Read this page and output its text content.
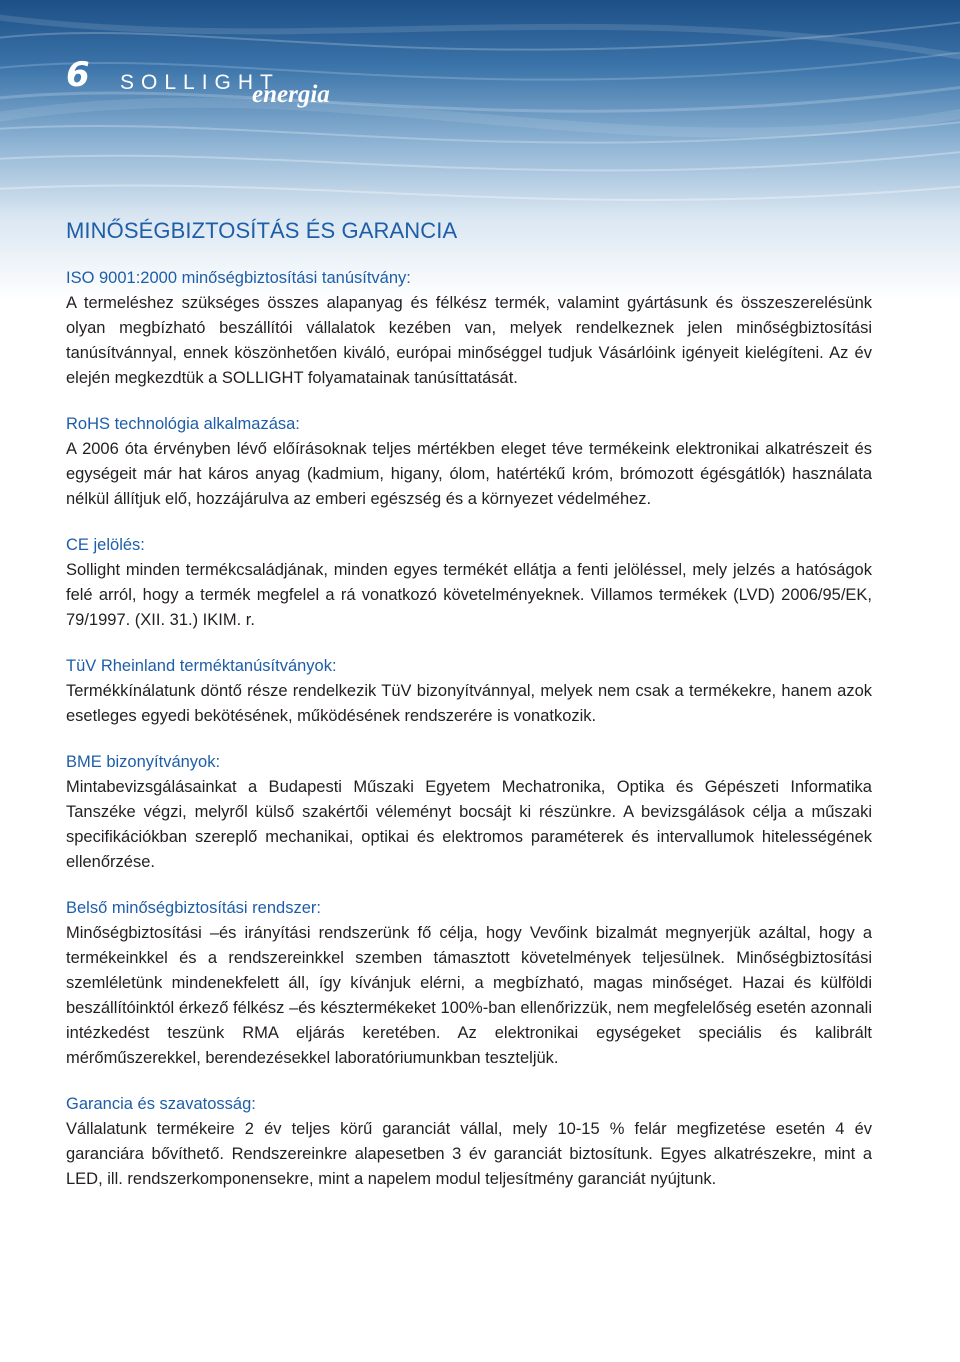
6 SOLLIGHT
energia
MINŐSÉGBIZTOSÍTÁS ÉS GARANCIA

ISO 9001:2000 minőségbiztosítási tanúsítvány:

A termeléshez szükséges összes alapanyag és félkész termék, valamint gyártásunk és összeszerelésünk olyan megbízható beszállítói vállalatok kezében van, melyek rendelkeznek jelen minőségbiztosítási tanúsítvánnyal, ennek köszönhetően kiváló, európai minőséggel tudjuk Vásárlóink igényeit kielégíteni. Az év elején megkezdtük a SOLLIGHT folyamatainak tanúsíttatását.

RoHS technológia alkalmazása:

A 2006 óta érvényben lévő előírásoknak teljes mértékben eleget téve termékeink elektronikai alkatrészeit és egységeit már hat káros anyag (kadmium, higany, ólom, hatértékű króm, brómozott égésgátlók) használata nélkül állítjuk elő, hozzájárulva az emberi egészség és a környezet védelméhez.

CE jelölés:

Sollight minden termékcsaládjának, minden egyes termékét ellátja a fenti jelöléssel, mely jelzés a hatóságok felé arról, hogy a termék megfelel a rá vonatkozó követelményeknek. Villamos termékek (LVD) 2006/95/EK, 79/1997. (XII. 31.) IKIM. r.

TüV Rheinland terméktanúsítványok:

Termékkínálatunk döntő része rendelkezik TüV bizonyítvánnyal, melyek nem csak a termékekre, hanem azok esetleges egyedi bekötésének, működésének rendszerére is vonatkozik.

BME bizonyítványok:

Mintabevizsgálásainkat a Budapesti Műszaki Egyetem Mechatronika, Optika és Gépészeti Informatika Tanszéke végzi, melyről külső szakértői véleményt bocsájt ki részünkre. A bevizsgálások célja a műszaki specifikációkban szereplő mechanikai, optikai és elektromos paraméterek és intervallumok hitelességének ellenőrzése.

Belső minőségbiztosítási rendszer:

Minőségbiztosítási –és irányítási rendszerünk fő célja, hogy Vevőink bizalmát megnyerjük azáltal, hogy a termékeinkkel és a rendszereinkkel szemben támasztott követelmények teljesülnek. Minőségbiztosítási szemléletünk mindenekfelett áll, így kívánjuk elérni, a megbízható, magas minőséget. Hazai és külföldi beszállítóinktól érkező félkész –és késztermékeket 100%-ban ellenőrizzük, nem megfelelőség esetén azonnali intézkedést teszünk RMA eljárás keretében. Az elektronikai egységeket speciális és kalibrált mérőműszerekkel, berendezésekkel laboratóriumunkban teszteljük.

Garancia és szavatosság:

Vállalatunk termékeire 2 év teljes körű garanciát vállal, mely 10-15 % felár megfizetése esetén 4 év garanciára bővíthető. Rendszereinkre alapesetben 3 év garanciát biztosítunk. Egyes alkatrészekre, mint a LED, ill. rendszerkomponensekre, mint a napelem modul teljesítmény garanciát nyújtunk.
